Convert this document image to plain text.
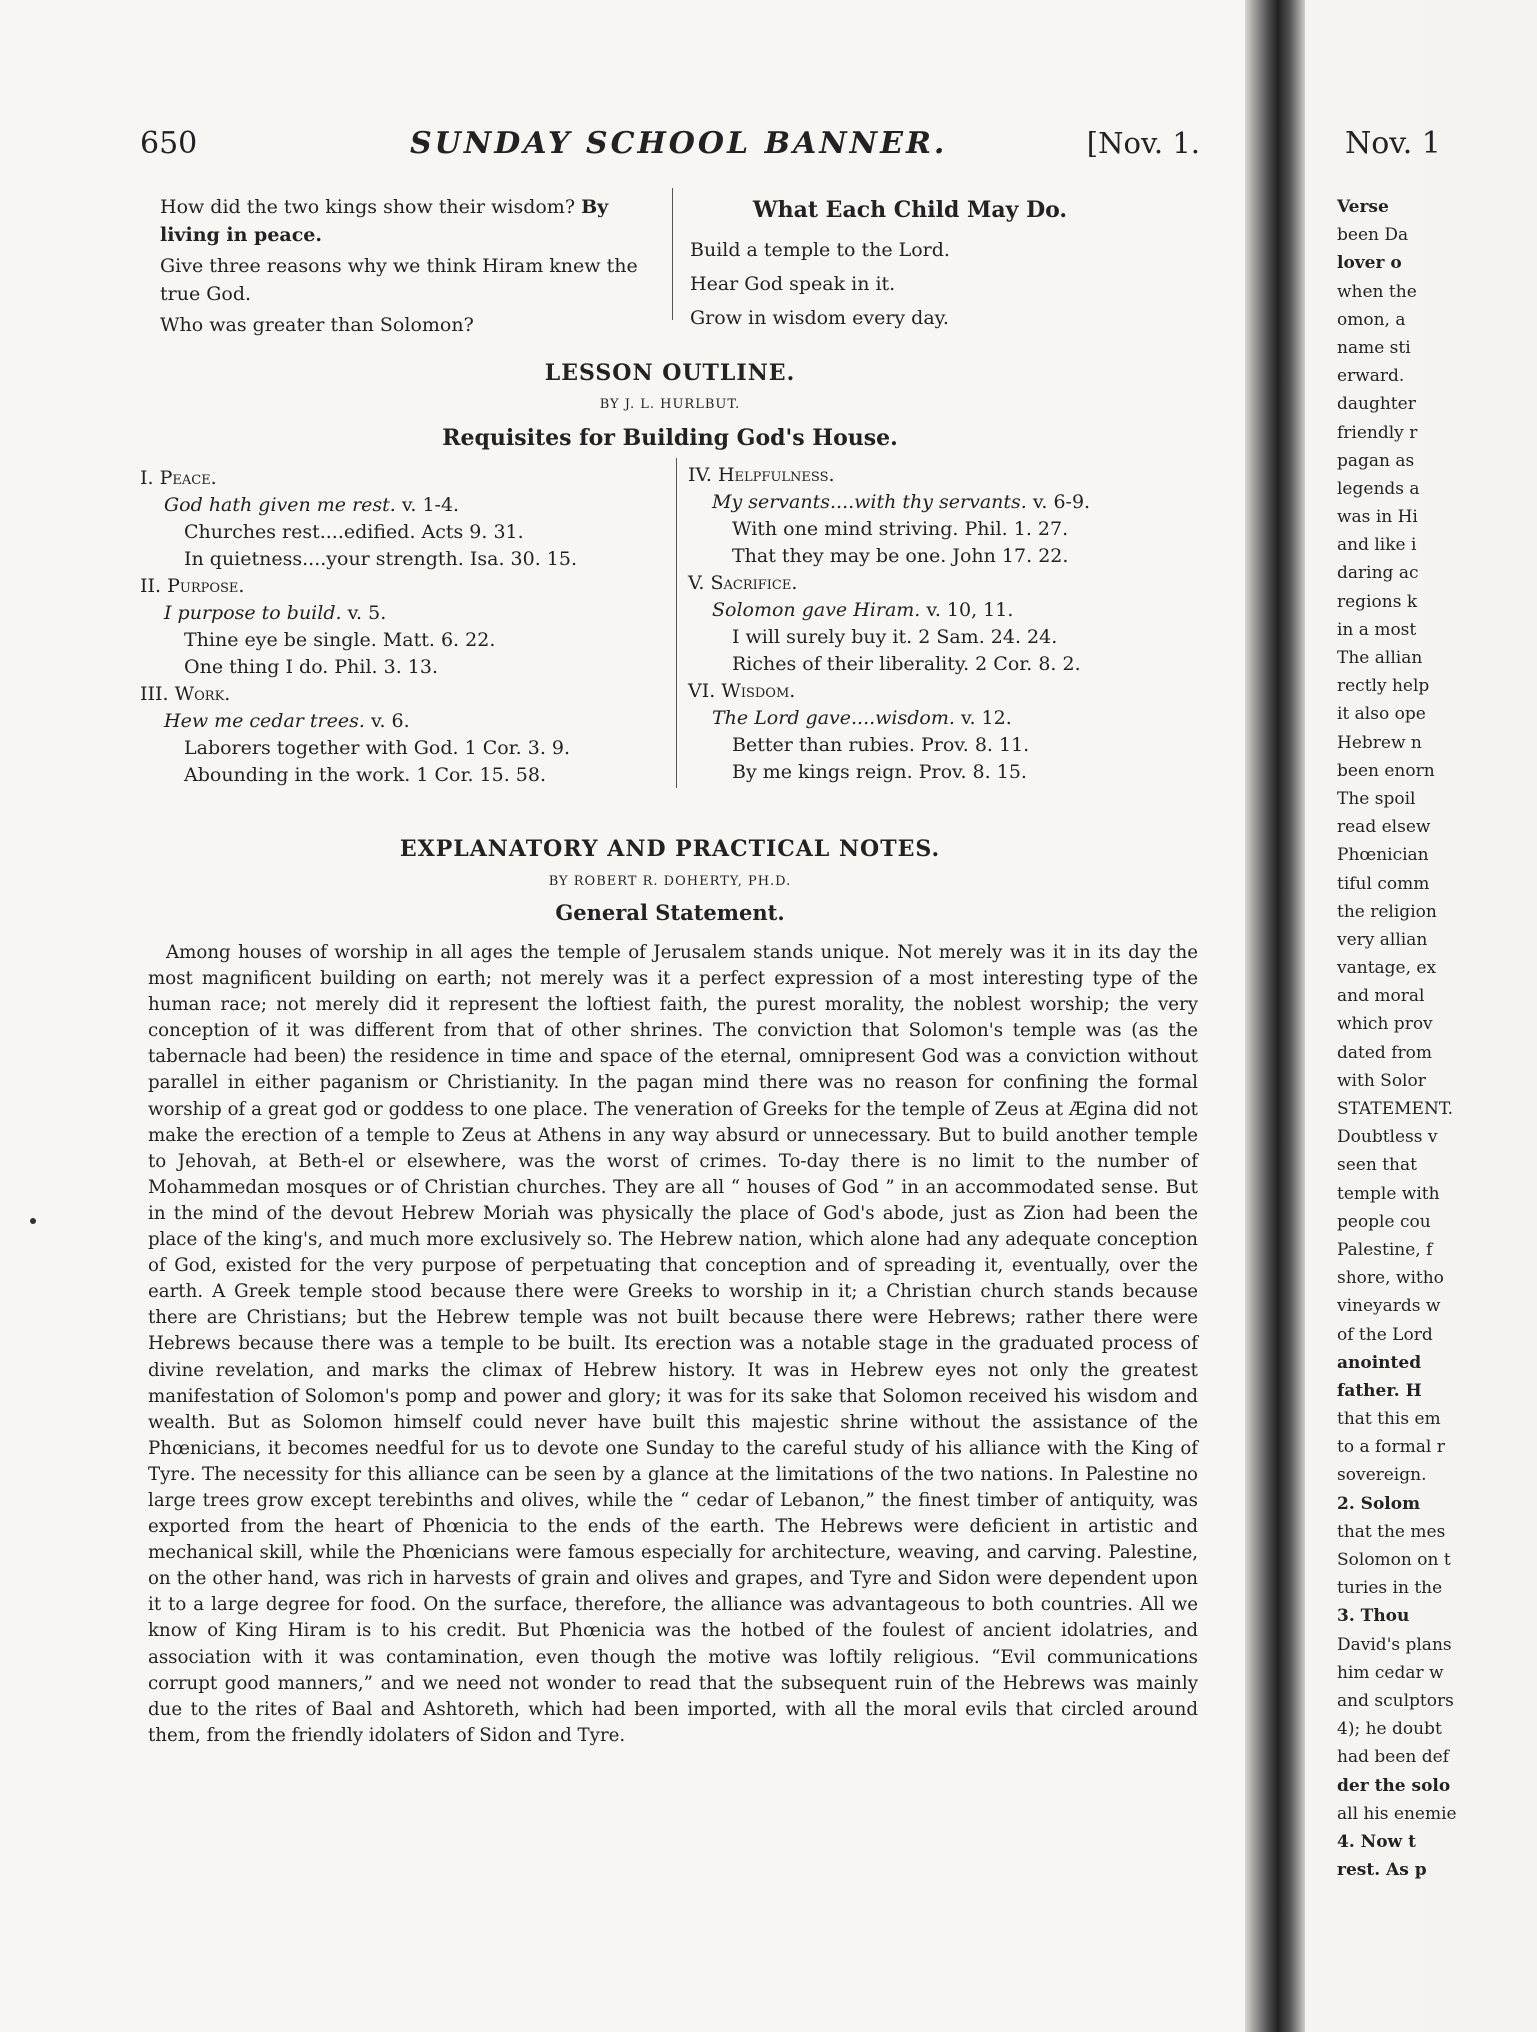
650	SUNDAY SCHOOL BANNER.	[Nov. 1.

How did the two kings show their wisdom? By living in peace.

Give three reasons why we think Hiram knew the true God.

Who was greater than Solomon?

What Each Child May Do.
Build a temple to the Lord.
Hear God speak in it.
Grow in wisdom every day.
LESSON OUTLINE.
BY J. L. HURLBUT.
Requisites for Building God's House.

I. Peace.

God hath given me rest. v. 1-4.

Churches rest....edified. Acts 9. 31.

In quietness....your strength. Isa. 30. 15.

II. Purpose.

I purpose to build. v. 5.

Thine eye be single. Matt. 6. 22.

One thing I do. Phil. 3. 13.

III. Work.

Hew me cedar trees. v. 6.

Laborers together with God. 1 Cor. 3. 9.

Abounding in the work. 1 Cor. 15. 58.

IV. Helpfulness.

My servants....with thy servants. v. 6-9.

With one mind striving. Phil. 1. 27.

That they may be one. John 17. 22.

V. Sacrifice.

Solomon gave Hiram. v. 10, 11.

I will surely buy it. 2 Sam. 24. 24.

Riches of their liberality. 2 Cor. 8. 2.

VI. Wisdom.

The Lord gave....wisdom. v. 12.

Better than rubies. Prov. 8. 11.

By me kings reign. Prov. 8. 15.

EXPLANATORY AND PRACTICAL NOTES.
BY ROBERT R. DOHERTY, PH.D.
General Statement.

Among houses of worship in all ages the temple of Jerusalem stands unique. Not merely was it in its day the most magnificent building on earth; not merely was it a perfect expression of a most interesting type of the human race; not merely did it represent the loftiest faith, the purest morality, the noblest worship; the very conception of it was different from that of other shrines. The conviction that Solomon's temple was (as the tabernacle had been) the residence in time and space of the eternal, omnipresent God was a conviction without parallel in either paganism or Christianity. In the pagan mind there was no reason for confining the formal worship of a great god or goddess to one place. The veneration of Greeks for the temple of Zeus at Ægina did not make the erection of a temple to Zeus at Athens in any way absurd or unnecessary. But to build another temple to Jehovah, at Beth-el or elsewhere, was the worst of crimes. To-day there is no limit to the number of Mohammedan mosques or of Christian churches. They are all “ houses of God ” in an accommodated sense. But in the mind of the devout Hebrew Moriah was physically the place of God's abode, just as Zion had been the place of the king's, and much more exclusively so. The Hebrew nation, which alone had any adequate conception of God, existed for the very purpose of perpetuating that conception and of spreading it, eventually, over the earth. A Greek temple stood because there were Greeks to worship in it; a Christian church stands because there are Christians; but the Hebrew temple was not built because there were Hebrews; rather there were Hebrews because there was a temple to be built. Its erection was a notable stage in the graduated process of divine revelation, and marks the climax of Hebrew history. It was in Hebrew eyes not only the greatest manifestation of Solomon's pomp and power and glory; it was for its sake that Solomon received his wisdom and wealth. But as Solomon himself could never have built this majestic shrine without the assistance of the Phœnicians, it becomes needful for us to devote one Sunday to the careful study of his alliance with the King of Tyre. The necessity for this alliance can be seen by a glance at the limitations of the two nations. In Palestine no large trees grow except terebinths and olives, while the “ cedar of Lebanon,” the finest timber of antiquity, was exported from the heart of Phœnicia to the ends of the earth. The Hebrews were deficient in artistic and mechanical skill, while the Phœnicians were famous especially for architecture, weaving, and carving. Palestine, on the other hand, was rich in harvests of grain and olives and grapes, and Tyre and Sidon were dependent upon it to a large degree for food. On the surface, therefore, the alliance was advantageous to both countries. All we know of King Hiram is to his credit. But Phœnicia was the hotbed of the foulest of ancient idolatries, and association with it was contamination, even though the motive was loftily religious. “Evil communications corrupt good manners,” and we need not wonder to read that the subsequent ruin of the Hebrews was mainly due to the rites of Baal and Ashtoreth, which had been imported, with all the moral evils that circled around them, from the friendly idolaters of Sidon and Tyre.

Nov. 1
Verse
been Da
lover o
when the
omon, a
name sti
erward.
daughter
friendly r
pagan as
legends a
was in Hi
and like i
daring ac
regions k
in a most
The allian
rectly help
it also ope
Hebrew n
been enorn
The spoil
read elsew
Phœnician
tiful comm
the religion
very allian
vantage, ex
and moral
which prov
dated from
with Solor
STATEMENT.
Doubtless v
seen that
temple with
people cou
Palestine, f
shore, witho
vineyards w
of the Lord
anointed
father. H
that this em
to a formal r
sovereign.
2. Solom
that the mes
Solomon on t
turies in the
3. Thou
David's plans
him cedar w
and sculptors
4); he doubt
had been def
der the solo
all his enemie
4. Now t
rest. As p
